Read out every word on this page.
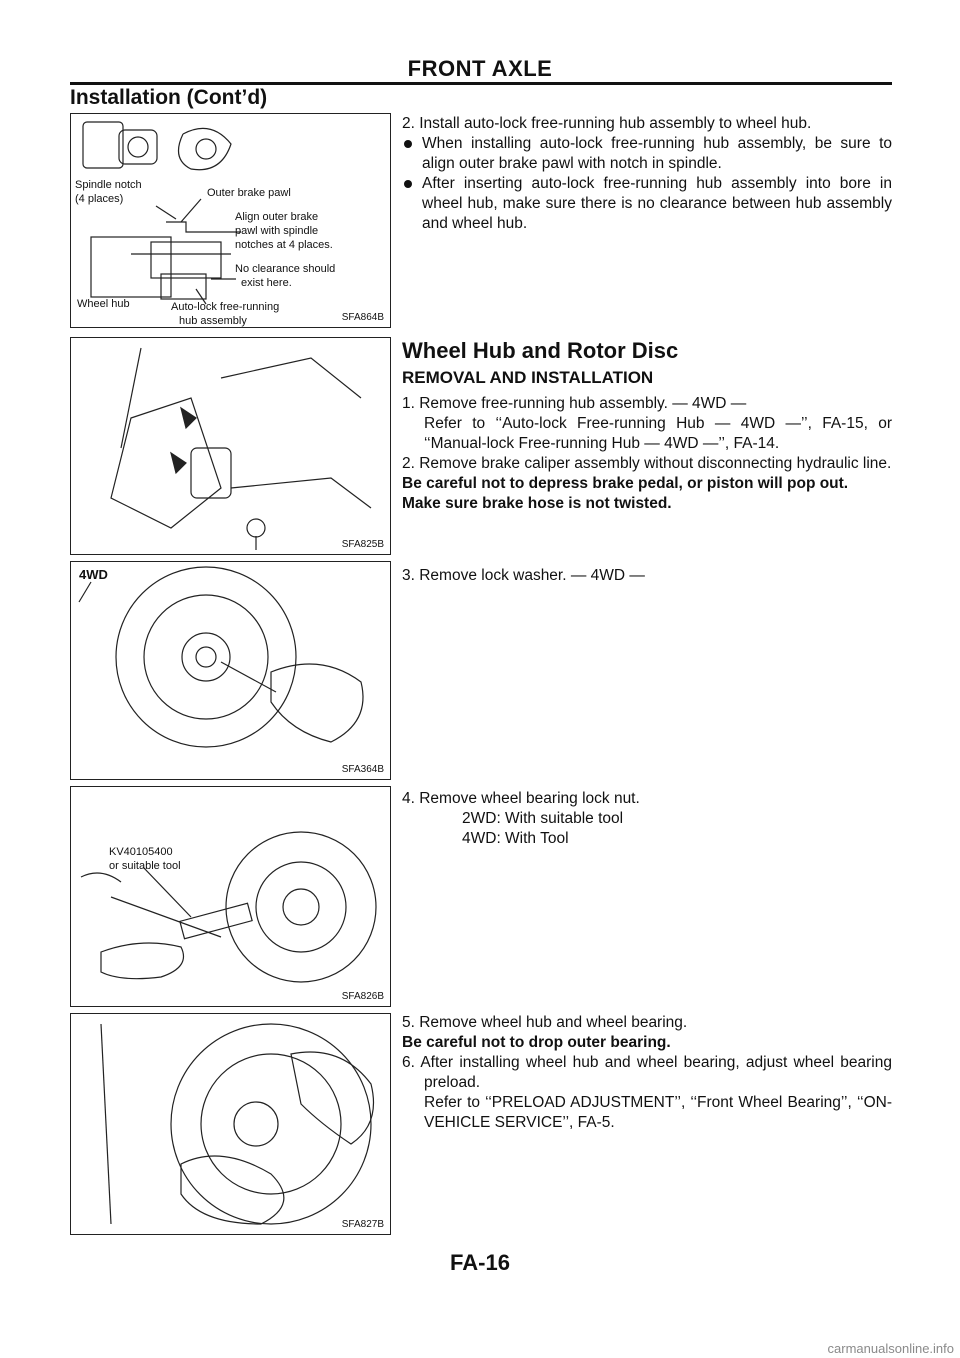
FRONT AXLE
Installation (Cont’d)
Spindle notch
(4 places)	Outer brake pawl
Align outer brake
pawl with spindle
notches at 4 places.
No clearance should
exist here.
Wheel hub	Auto-lock free-running
hub assembly	SFA864B
SFA825B
4WD
SFA364B
KV40105400
or suitable tool
SFA826B
SFA827B

2. Install auto-lock free-running hub assembly to wheel hub.

When installing auto-lock free-running hub assembly, be sure to align outer brake pawl with notch in spindle.
After inserting auto-lock free-running hub assembly into bore in wheel hub, make sure there is no clearance between hub assembly and wheel hub.
Wheel Hub and Rotor Disc
REMOVAL AND INSTALLATION

1. Remove free-running hub assembly. — 4WD —

Refer to ‘‘Auto-lock Free-running Hub — 4WD —’’, FA-15, or ‘‘Manual-lock Free-running Hub — 4WD —’’, FA-14.

2. Remove brake caliper assembly without disconnecting hydraulic line.

Be careful not to depress brake pedal, or piston will pop out.

Make sure brake hose is not twisted.

3. Remove lock washer. — 4WD —

4. Remove wheel bearing lock nut.

2WD: With suitable tool

4WD: With Tool

5. Remove wheel hub and wheel bearing.

Be careful not to drop outer bearing.

6. After installing wheel hub and wheel bearing, adjust wheel bearing preload.

Refer to ‘‘PRELOAD ADJUSTMENT’’, ‘‘Front Wheel Bearing’’, ‘‘ON-VEHICLE SERVICE’’, FA-5.

FA-16
carmanualsonline.info
